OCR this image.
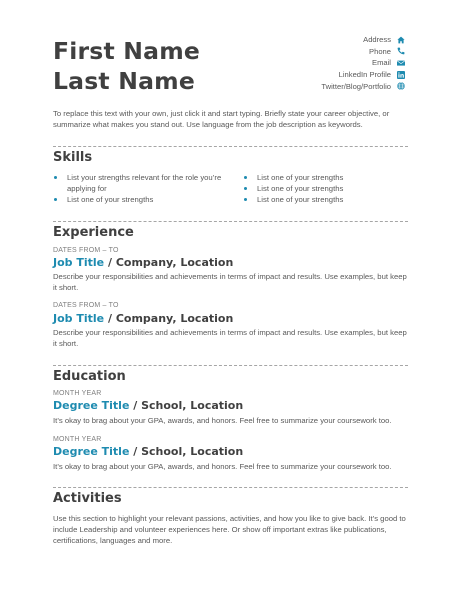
First Name
Last Name
Address
Phone
Email
LinkedIn Profile
Twitter/Blog/Portfolio
To replace this text with your own, just click it and start typing. Briefly state your career objective, or summarize what makes you stand out. Use language from the job description as keywords.
Skills
List your strengths relevant for the role you’re applying for
List one of your strengths
List one of your strengths
List one of your strengths
List one of your strengths
Experience
DATES FROM – TO
Job Title / Company, Location
Describe your responsibilities and achievements in terms of impact and results. Use examples, but keep it short.
DATES FROM – TO
Job Title / Company, Location
Describe your responsibilities and achievements in terms of impact and results. Use examples, but keep it short.
Education
MONTH YEAR
Degree Title / School, Location
It’s okay to brag about your GPA, awards, and honors. Feel free to summarize your coursework too.
MONTH YEAR
Degree Title / School, Location
It’s okay to brag about your GPA, awards, and honors. Feel free to summarize your coursework too.
Activities
Use this section to highlight your relevant passions, activities, and how you like to give back. It’s good to include Leadership and volunteer experiences here. Or show off important extras like publications, certifications, languages and more.
